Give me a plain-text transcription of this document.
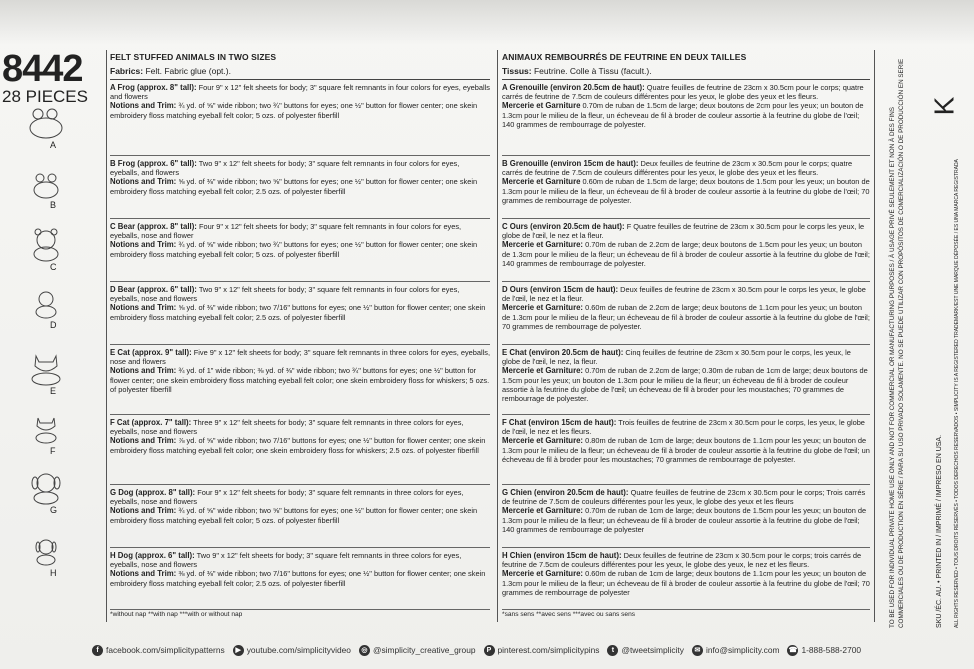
8442
28 PIECES
A
B
C
D
E
F
G
H
FELT STUFFED ANIMALS IN TWO SIZES
Fabrics: Felt. Fabric glue (opt.).
A Frog (approx. 8" tall): Four 9" x 12" felt sheets for body; 3" square felt remnants in four colors for eyes, eyeballs and flowers
Notions and Trim: ¾ yd. of ⅝" wide ribbon; two ¾" buttons for eyes; one ½" button for flower center; one skein embroidery floss matching eyeball felt color; 5 ozs. of polyester fiberfill
B Frog (approx. 6" tall): Two 9" x 12" felt sheets for body; 3" square felt remnants in four colors for eyes, eyeballs, and flowers
Notions and Trim: ⅝ yd. of ⅜" wide ribbon; two ⅝" buttons for eyes; one ½" button for flower center; one skein embroidery floss matching eyeball felt color; 2.5 ozs. of polyester fiberfill
C Bear (approx. 8" tall): Four 9" x 12" felt sheets for body; 3" square felt remnants in four colors for eyes, eyeballs, nose and flower
Notions and Trim: ¾ yd. of ⅝" wide ribbon; two ¾" buttons for eyes; one ½" button for flower center; one skein embroidery floss matching eyeball felt color; 5 ozs. of polyester fiberfill
D Bear (approx. 6" tall): Two 9" x 12" felt sheets for body; 3" square felt remnants in four colors for eyes, eyeballs, nose and flowers
Notions and Trim: ⅝ yd. of ⅜" wide ribbon; two 7/16" buttons for eyes; one ½" button for flower center; one skein embroidery floss matching eyeball felt color; 2.5 ozs. of polyester fiberfill
E Cat (approx. 9" tall): Five 9" x 12" felt sheets for body; 3" square felt remnants in three colors for eyes, eyeballs, nose and flowers
Notions and Trim: ¾ yd. of 1" wide ribbon; ⅜ yd. of ⅜" wide ribbon; two ¾" buttons for eyes; one ½" button for flower center; one skein embroidery floss matching eyeball felt color; one skein embroidery floss for whiskers; 5 ozs. of polyester fiberfill
F Cat (approx. 7" tall): Three 9" x 12" felt sheets for body; 3" square felt remnants in three colors for eyes, eyeballs, nose and flowers
Notions and Trim: ⅞ yd. of ⅝" wide ribbon; two 7/16" buttons for eyes; one ½" button for flower center; one skein embroidery floss matching eyeball felt color; one skein embroidery floss for whiskers; 2.5 ozs. of polyester fiberfill
G Dog (approx. 8" tall): Four 9" x 12" felt sheets for body; 3" square felt remnants in three colors for eyes, eyeballs, nose and flowers
Notions and Trim: ¾ yd. of ⅝" wide ribbon; two ⅝" buttons for eyes; one ½" button for flower center; one skein embroidery floss matching eyeball felt color; 5 ozs. of polyester fiberfill
H Dog (approx. 6" tall): Two 9" x 12" felt sheets for body; 3" square felt remnants in three colors for eyes, eyeballs, nose and flowers
Notions and Trim: ⅜ yd. of ⅜" wide ribbon; two 7/16" buttons for eyes; one ½" button for flower center; one skein embroidery floss matching eyeball felt color; 2.5 ozs. of polyester fiberfill
*without nap **with nap ***with or without nap
ANIMAUX REMBOURRÉS DE FEUTRINE EN DEUX TAILLES
Tissus: Feutrine. Colle à Tissu (facult.).
A Grenouille (environ 20.5cm de haut): Quatre feuilles de feutrine de 23cm x 30.5cm pour le corps; quatre carrés de feutrine de 7.5cm de couleurs différentes pour les yeux, le globe des yeux et les fleurs.
Mercerie et Garniture 0.70m de ruban de 1.5cm de large; deux boutons de 2cm pour les yeux; un bouton de 1.3cm pour le milieu de la fleur, un écheveau de fil à broder de couleur assortie à la feutrine du globe de l'œil; 140 grammes de rembourrage de polyester.
B Grenouille (environ 15cm de haut): Deux feuilles de feutrine de 23cm x 30.5cm pour le corps; quatre carrés de feutrine de 7.5cm de couleurs différentes pour les yeux, le globe des yeux et les fleurs.
Mercerie et Garniture 0.60m de ruban de 1.5cm de large; deux boutons de 1.5cm pour les yeux; un bouton de 1.3cm pour le milieu de la fleur, un écheveau de fil à broder de couleur assortie à la feutrine du globe de l'œil; 70 grammes de rembourrage de polyester.
C Ours (environ 20.5cm de haut): F Quatre feuilles de feutrine de 23cm x 30.5cm pour le corps les yeux, le globe de l'œil, le nez et la fleur.
Mercerie et Garniture: 0.70m de ruban de 2.2cm de large; deux boutons de 1.5cm pour les yeux; un bouton de 1.3cm pour le milieu de la fleur; un écheveau de fil à broder de couleur assortie à la feutrine du globe de l'œil; 140 grammes de rembourrage de polyester.
D Ours (environ 15cm de haut): Deux feuilles de feutrine de 23cm x 30.5cm pour le corps les yeux, le globe de l'œil, le nez et la fleur.
Mercerie et Garniture: 0.60m de ruban de 2.2cm de large; deux boutons de 1.1cm pour les yeux; un bouton de 1.3cm pour le milieu de la fleur; un écheveau de fil à broder de couleur assortie à la feutrine du globe de l'œil; 70 grammes de rembourrage de polyester.
E Chat (environ 20.5cm de haut): Cinq feuilles de feutrine de 23cm x 30.5cm pour le corps, les yeux, le globe de l'œil, le nez, la fleur.
Mercerie et Garniture: 0.70m de ruban de 2.2cm de large; 0.30m de ruban de 1cm de large; deux boutons de 1.5cm pour les yeux; un bouton de 1.3cm pour le milieu de la fleur; un écheveau de fil à broder de couleur assortie à la feutrine du globe de l'œil; un écheveau de fil à broder pour les moustaches; 70 grammes de rembourrage de polyester.
F Chat (environ 15cm de haut): Trois feuilles de feutrine de 23cm x 30.5cm pour le corps, les yeux, le globe de l'œil, le nez et les fleurs.
Mercerie et Garniture: 0.80m de ruban de 1cm de large; deux boutons de 1.1cm pour les yeux; un bouton de 1.3cm pour le milieu de la fleur; un écheveau de fil à broder de couleur assortie à la feutrine du globe de l'œil; un écheveau de fil à broder pour les moustaches; 70 grammes de rembourrage de polyester.
G Chien (environ 20.5cm de haut): Quatre feuilles de feutrine de 23cm x 30.5cm pour le corps; Trois carrés de feutrine de 7.5cm de couleurs différentes pour les yeux, le globe des yeux et les fleurs
Mercerie et Garniture: 0.70m de ruban de 1cm de large; deux boutons de 1.5cm pour les yeux; un bouton de 1.3cm pour le milieu de la fleur; un écheveau de fil à broder de couleur assortie à la feutrine du globe de l'œil; 140 grammes de rembourrage de polyester
H Chien (environ 15cm de haut): Deux feuilles de feutrine de 23cm x 30.5cm pour le corps; trois carrés de feutrine de 7.5cm de couleurs différentes pour les yeux, le globe des yeux, le nez et les fleurs.
Mercerie et Garniture: 0.60m de ruban de 1cm de large; deux boutons de 1.1cm pour les yeux; un bouton de 1.3cm pour le milieu de la fleur; un écheveau de fil à broder de couleur assortie à la feutrine du globe de l'œil; 70 grammes de rembourrage de polyester
*sans sens **avec sens ***avec ou sans sens	TO BE USED FOR INDIVIDUAL PRIVATE HOME USE ONLY AND NOT FOR COMMERCIAL OR MANUFACTURING PURPOSES / À USAGE PRIVÉ SEULEMENT ET NON À DES FINS COMMERCIALES OU DE PRODUCTION EN SÉRIE / PARA SU USO PRIVADO SOLAMENTE. NO SE PUEDE UTILIZAR CON PROPÓSITOS DE COMERCIALIZACIÓN O DE PRODUCCIÓN EN SERIE	SKU /ÉC. AU. • PRINTED IN / IMPRIMÉ / IMPRESO EN USA. ALL RIGHTS RESERVED • TOUS DROITS RÉSERVÉS • TODOS DERECHOS RESERVADOS • SIMPLICITY IS A REGISTERED TRADEMARK/EST UNE MARQUE DÉPOSÉE / ES UNA MARCA REGISTRADA
K
f facebook.com/simplicitypatterns	▶ youtube.com/simplicityvideo	◎ @simplicity_creative_group	P pinterest.com/simplicitypins	t @tweetsimplicity	✉ info@simplicity.com ☎ 1-888-588-2700
